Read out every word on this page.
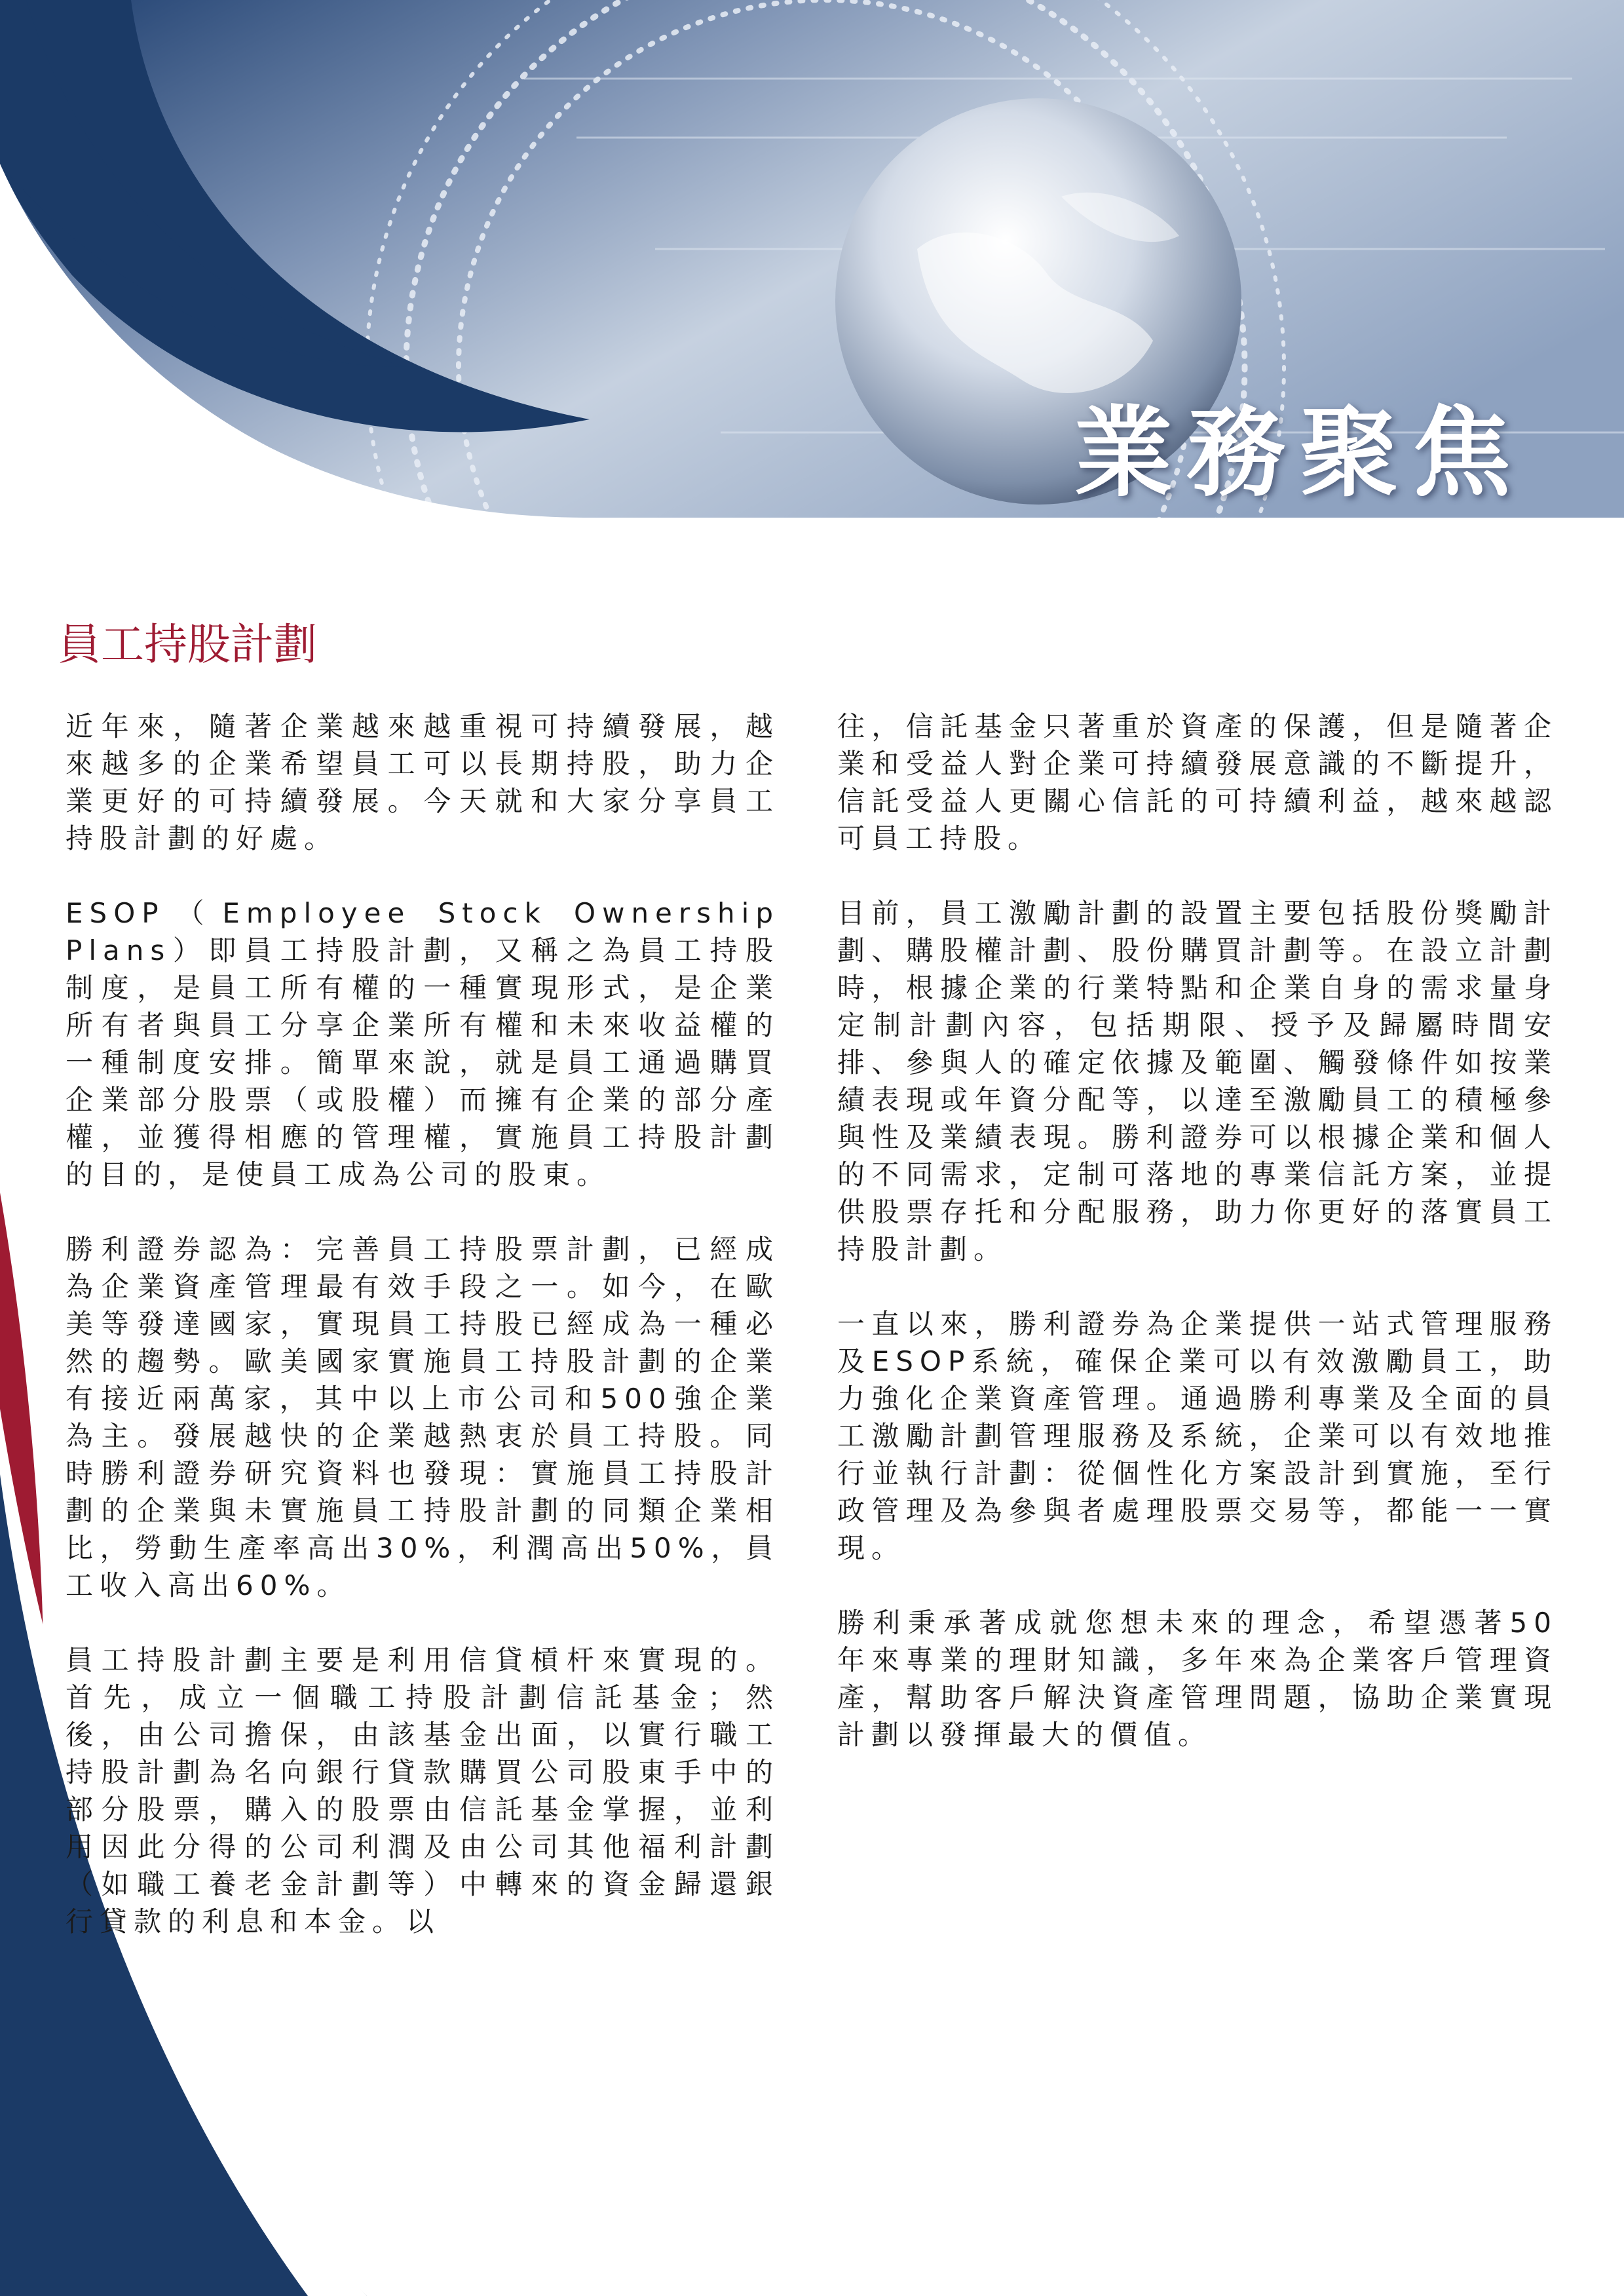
業務聚焦
員工持股計劃

近年來，隨著企業越來越重視可持續發展，越來越多的企業希望員工可以長期持股，助力企業更好的可持續發展。今天就和大家分享員工持股計劃的好處。

ESOP（Employee Stock Ownership Plans）即員工持股計劃，又稱之為員工持股制度，是員工所有權的一種實現形式，是企業所有者與員工分享企業所有權和未來收益權的一種制度安排。簡單來說，就是員工通過購買企業部分股票（或股權）而擁有企業的部分產權，並獲得相應的管理權，實施員工持股計劃的目的，是使員工成為公司的股東。

勝利證券認為：完善員工持股票計劃，已經成為企業資產管理最有效手段之一。如今，在歐美等發達國家，實現員工持股已經成為一種必然的趨勢。歐美國家實施員工持股計劃的企業有接近兩萬家，其中以上市公司和500強企業為主。發展越快的企業越熱衷於員工持股。同時勝利證券研究資料也發現：實施員工持股計劃的企業與未實施員工持股計劃的同類企業相比，勞動生產率高出30%，利潤高出50%，員工收入高出60%。

員工持股計劃主要是利用信貸槓杆來實現的。首先，成立一個職工持股計劃信託基金；然後，由公司擔保，由該基金出面，以實行職工持股計劃為名向銀行貸款購買公司股東手中的部分股票，購入的股票由信託基金掌握，並利用因此分得的公司利潤及由公司其他福利計劃（如職工養老金計劃等）中轉來的資金歸還銀行貸款的利息和本金。以

往，信託基金只著重於資產的保護，但是隨著企業和受益人對企業可持續發展意識的不斷提升，信託受益人更關心信託的可持續利益，越來越認可員工持股。

目前，員工激勵計劃的設置主要包括股份獎勵計劃、購股權計劃、股份購買計劃等。在設立計劃時，根據企業的行業特點和企業自身的需求量身定制計劃內容，包括期限、授予及歸屬時間安排、參與人的確定依據及範圍、觸發條件如按業績表現或年資分配等，以達至激勵員工的積極參與性及業績表現。勝利證券可以根據企業和個人的不同需求，定制可落地的專業信託方案，並提供股票存托和分配服務，助力你更好的落實員工持股計劃。

一直以來，勝利證券為企業提供一站式管理服務及ESOP系統，確保企業可以有效激勵員工，助力強化企業資產管理。通過勝利專業及全面的員工激勵計劃管理服務及系統，企業可以有效地推行並執行計劃：從個性化方案設計到實施，至行政管理及為參與者處理股票交易等，都能一一實現。

勝利秉承著成就您想未來的理念，希望憑著50年來專業的理財知識，多年來為企業客戶管理資產，幫助客戶解決資產管理問題，協助企業實現計劃以發揮最大的價值。
